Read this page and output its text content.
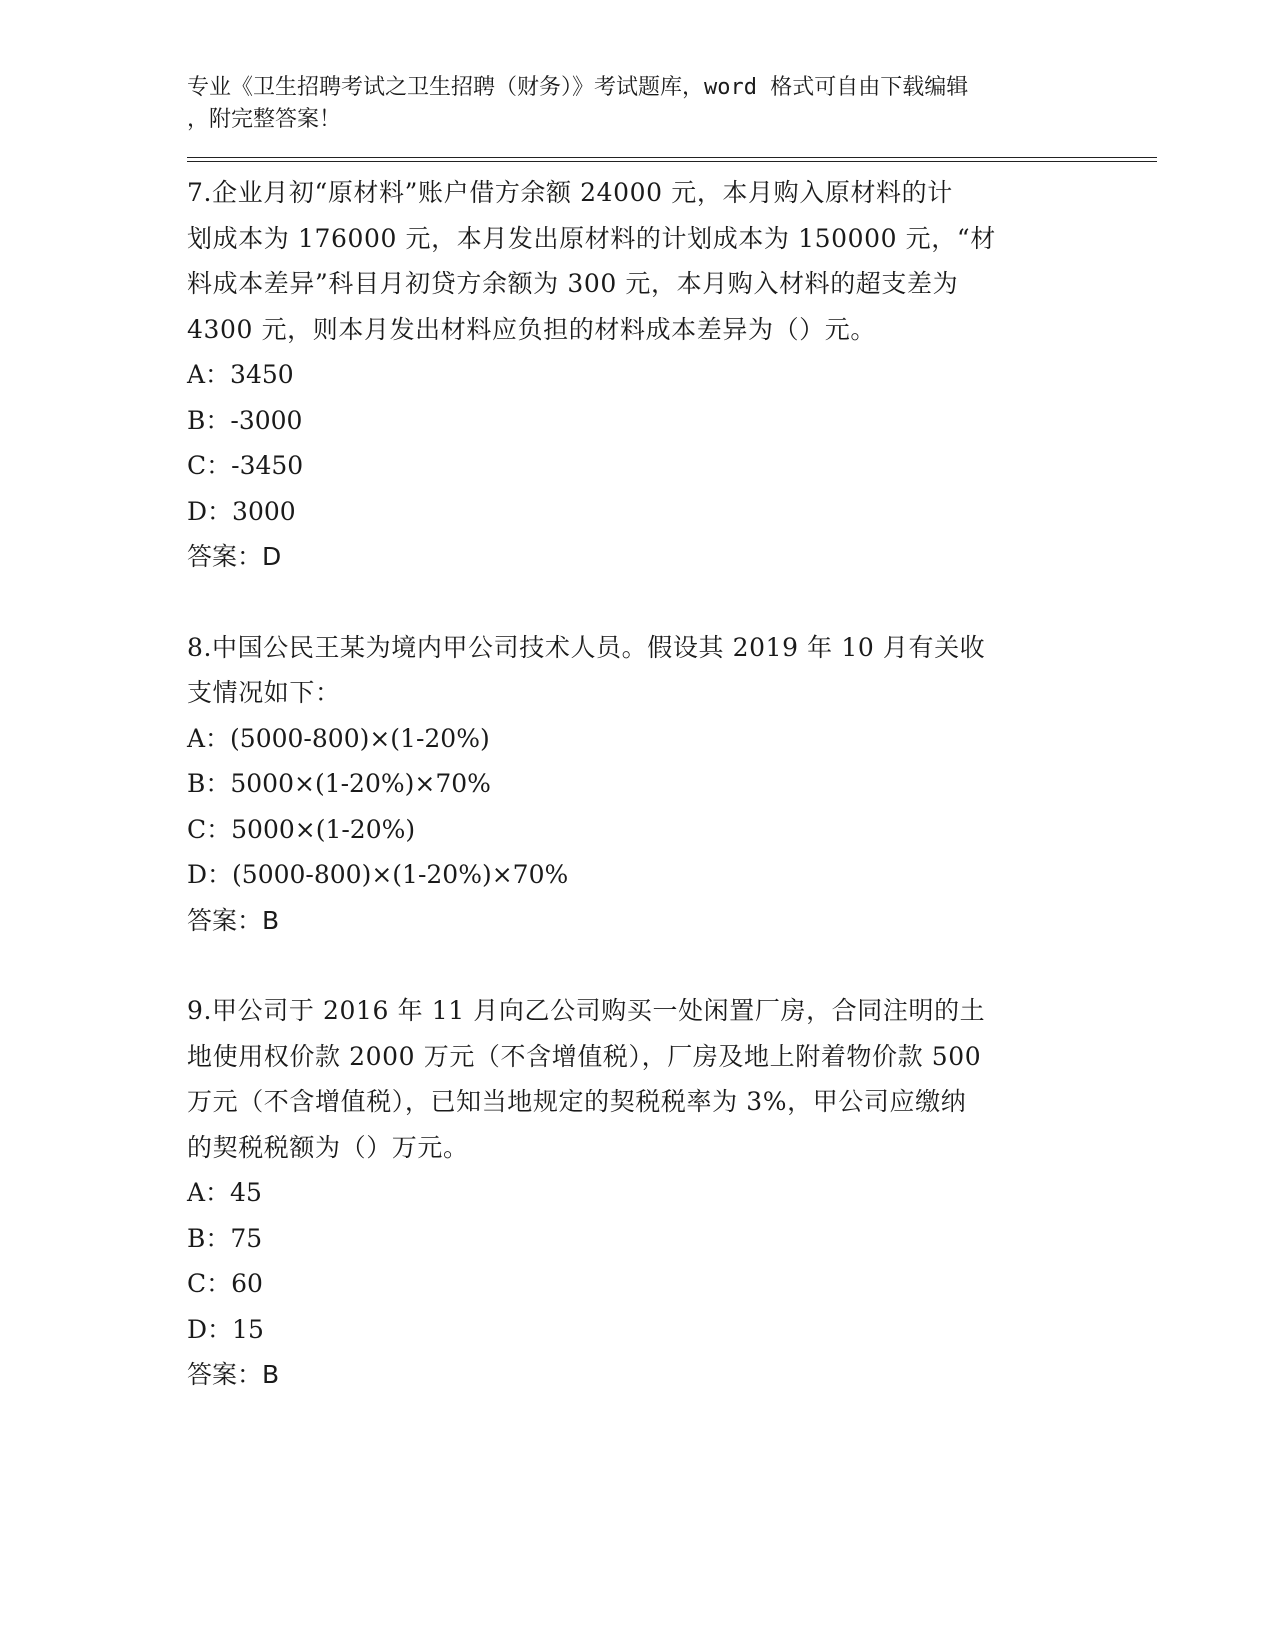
专业《卫生招聘考试之卫生招聘（财务）》考试题库，word 格式可自由下载编辑
，附完整答案！
7.企业月初“原材料”账户借方余额 24000 元，本月购入原材料的计
划成本为 176000 元，本月发出原材料的计划成本为 150000 元，“材
料成本差异”科目月初贷方余额为 300 元，本月购入材料的超支差为
4300 元，则本月发出材料应负担的材料成本差异为（）元。
A：3450
B：-3000
C：-3450
D：3000
答案：D
8.中国公民王某为境内甲公司技术人员。假设其 2019 年 10 月有关收
支情况如下：
A：(5000-800)×(1-20%)
B：5000×(1-20%)×70%
C：5000×(1-20%)
D：(5000-800)×(1-20%)×70%
答案：B
9.甲公司于 2016 年 11 月向乙公司购买一处闲置厂房，合同注明的土
地使用权价款 2000 万元（不含增值税），厂房及地上附着物价款 500
万元（不含增值税），已知当地规定的契税税率为 3%，甲公司应缴纳
的契税税额为（）万元。
A：45
B：75
C：60
D：15
答案：B
